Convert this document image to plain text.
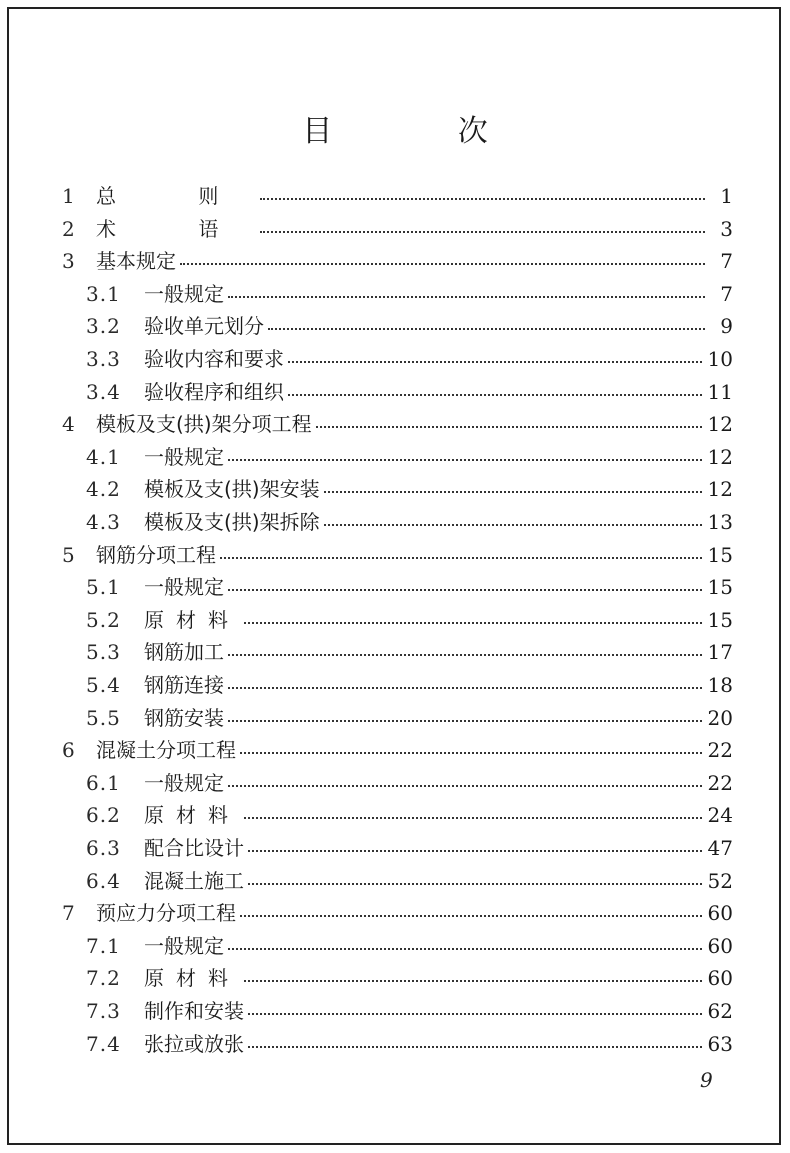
目 次
1	总 则	1
2	术 语	3
3	基本规定	7
3.1	一般规定	7
3.2	验收单元划分	9
3.3	验收内容和要求	10
3.4	验收程序和组织	11
4	模板及支(拱)架分项工程	12
4.1	一般规定	12
4.2	模板及支(拱)架安装	12
4.3	模板及支(拱)架拆除	13
5	钢筋分项工程	15
5.1	一般规定	15
5.2	原材料	15
5.3	钢筋加工	17
5.4	钢筋连接	18
5.5	钢筋安装	20
6	混凝土分项工程	22
6.1	一般规定	22
6.2	原材料	24
6.3	配合比设计	47
6.4	混凝土施工	52
7	预应力分项工程	60
7.1	一般规定	60
7.2	原材料	60
7.3	制作和安装	62
7.4	张拉或放张	63
9
